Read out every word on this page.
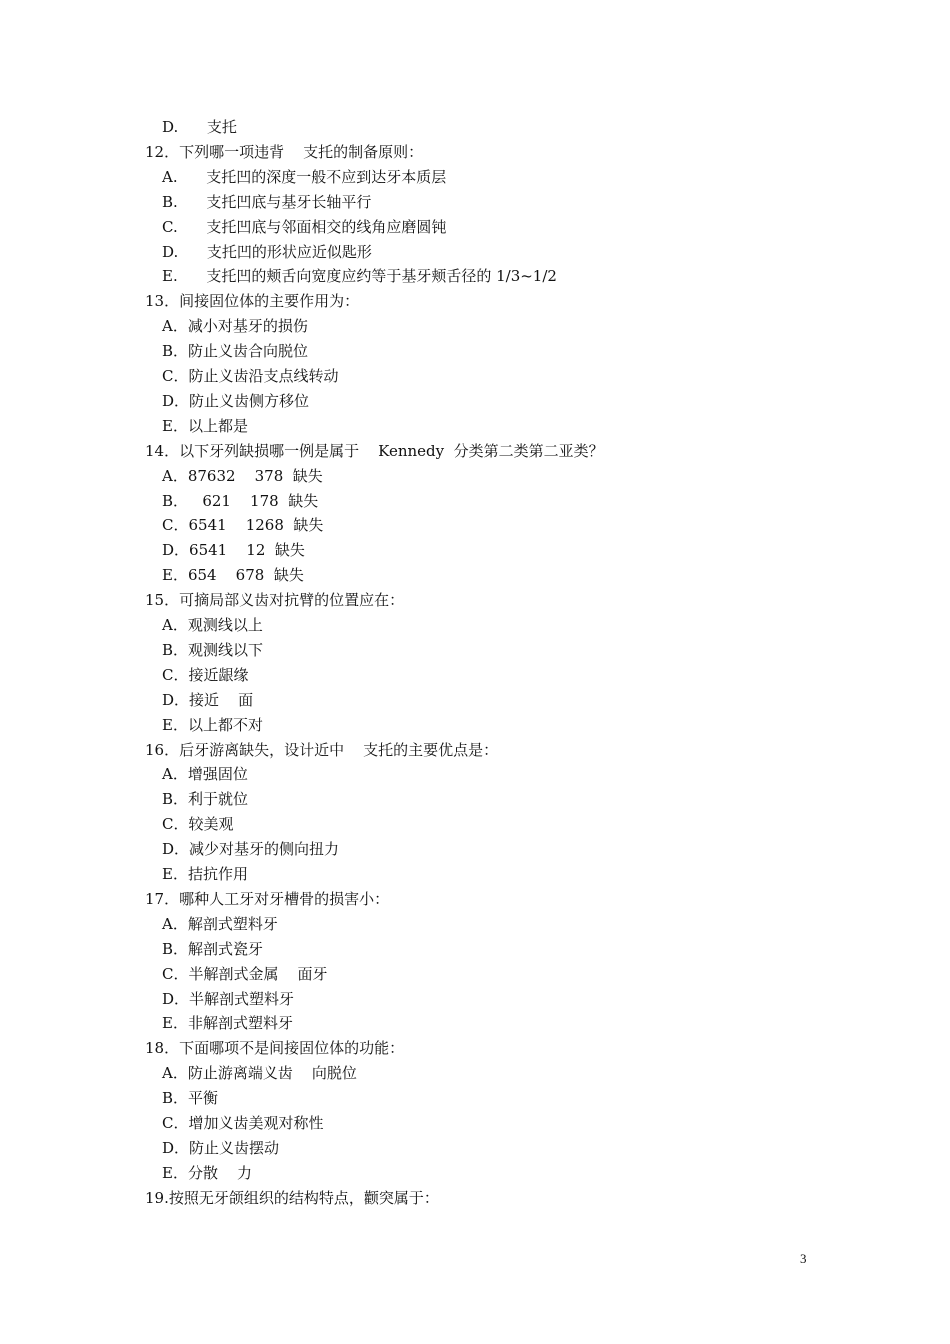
D.      支托
12．下列哪一项违背    支托的制备原则：
A.      支托凹的深度一般不应到达牙本质层
B.      支托凹底与基牙长轴平行
C.      支托凹底与邻面相交的线角应磨圆钝
D.      支托凹的形状应近似匙形
E.      支托凹的颊舌向宽度应约等于基牙颊舌径的 1/3~1/2
13．间接固位体的主要作用为：
A．减小对基牙的损伤
B．防止义齿合向脱位
C．防止义齿沿支点线转动
D．防止义齿侧方移位
E．以上都是
14．以下牙列缺损哪一例是属于    Kennedy  分类第二类第二亚类？
A．87632    378  缺失
B．   621    178  缺失
C．6541    1268  缺失
D．6541    12  缺失
E．654    678  缺失
15．可摘局部义齿对抗臂的位置应在：
A．观测线以上
B．观测线以下
C．接近龈缘
D．接近    面
E．以上都不对
16．后牙游离缺失，设计近中    支托的主要优点是：
A．增强固位
B．利于就位
C．较美观
D．减少对基牙的侧向扭力
E．拮抗作用
17．哪种人工牙对牙槽骨的损害小：
A．解剖式塑料牙
B．解剖式瓷牙
C．半解剖式金属    面牙
D．半解剖式塑料牙
E．非解剖式塑料牙
18．下面哪项不是间接固位体的功能：
A．防止游离端义齿    向脱位
B．平衡
C．增加义齿美观对称性
D．防止义齿摆动
E．分散    力
19.按照无牙颌组织的结构特点，颧突属于：
3
